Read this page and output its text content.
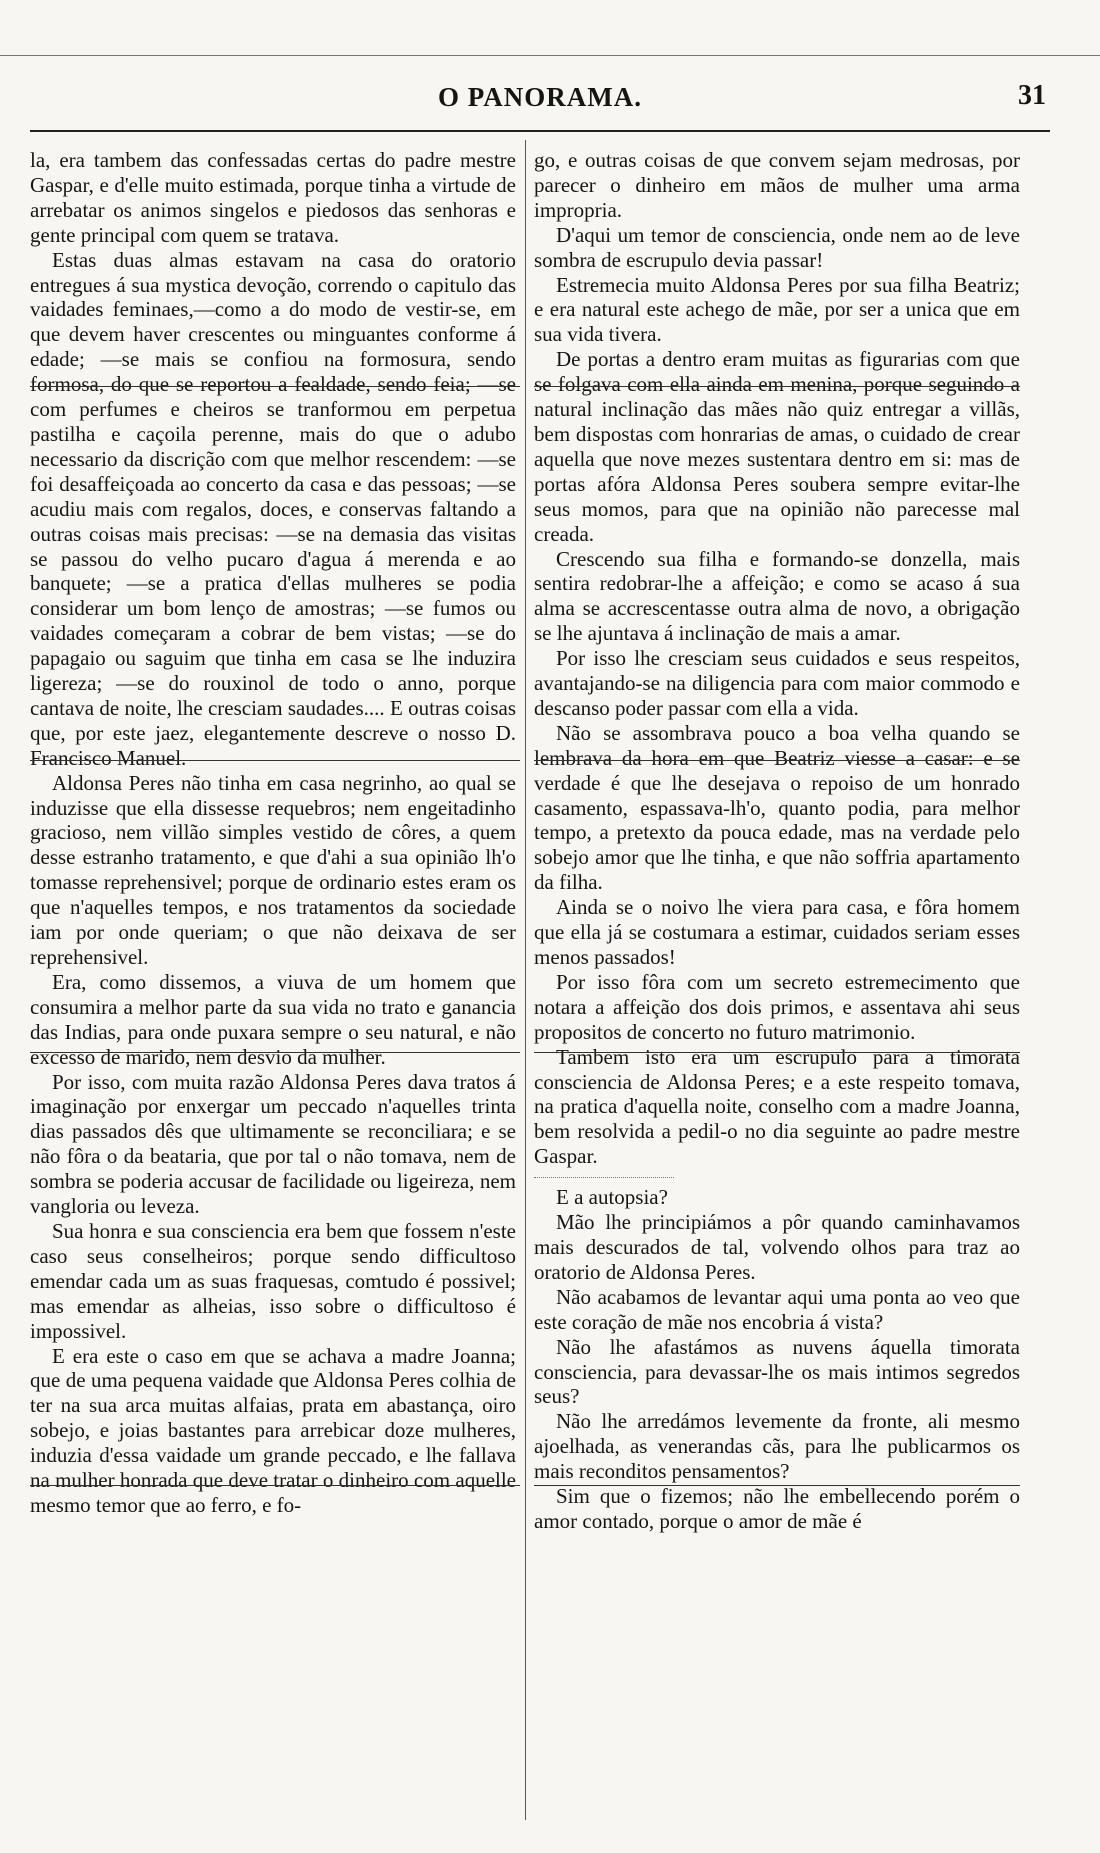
O PANORAMA.	31

la, era tambem das confessadas certas do padre mestre Gaspar, e d'elle muito estimada, porque tinha a virtude de arrebatar os animos singelos e piedosos das senhoras e gente principal com quem se tratava.

Estas duas almas estavam na casa do oratorio entregues á sua mystica devoção, correndo o capitulo das vaidades feminaes,—como a do modo de vestir-se, em que devem haver crescentes ou minguantes conforme á edade; —se mais se confiou na formosura, sendo formosa, do que se reportou a fealdade, sendo feia; —se com perfumes e cheiros se tranformou em perpetua pastilha e caçoila perenne, mais do que o adubo necessario da discrição com que melhor rescendem: —se foi desaffeiçoada ao concerto da casa e das pessoas; —se acudiu mais com regalos, doces, e conservas faltando a outras coisas mais precisas: —se na demasia das visitas se passou do velho pucaro d'agua á merenda e ao banquete; —se a pratica d'ellas mulheres se podia considerar um bom lenço de amostras; —se fumos ou vaidades começaram a cobrar de bem vistas; —se do papagaio ou saguim que tinha em casa se lhe induzira ligereza; —se do rouxinol de todo o anno, porque cantava de noite, lhe cresciam saudades.... E outras coisas que, por este jaez, elegantemente descreve o nosso D. Francisco Manuel.

Aldonsa Peres não tinha em casa negrinho, ao qual se induzisse que ella dissesse requebros; nem engeitadinho gracioso, nem villão simples vestido de côres, a quem desse estranho tratamento, e que d'ahi a sua opinião lh'o tomasse reprehensivel; porque de ordinario estes eram os que n'aquelles tempos, e nos tratamentos da sociedade iam por onde queriam; o que não deixava de ser reprehensivel.

Era, como dissemos, a viuva de um homem que consumira a melhor parte da sua vida no trato e ganancia das Indias, para onde puxara sempre o seu natural, e não excesso de marido, nem desvio da mulher.

Por isso, com muita razão Aldonsa Peres dava tratos á imaginação por enxergar um peccado n'aquelles trinta dias passados dês que ultimamente se reconciliara; e se não fôra o da beataria, que por tal o não tomava, nem de sombra se poderia accusar de facilidade ou ligeireza, nem vangloria ou leveza.

Sua honra e sua consciencia era bem que fossem n'este caso seus conselheiros; porque sendo difficultoso emendar cada um as suas fraquesas, comtudo é possivel; mas emendar as alheias, isso sobre o difficultoso é impossivel.

E era este o caso em que se achava a madre Joanna; que de uma pequena vaidade que Aldonsa Peres colhia de ter na sua arca muitas alfaias, prata em abastança, oiro sobejo, e joias bastantes para arrebicar doze mulheres, induzia d'essa vaidade um grande peccado, e lhe fallava na mulher honrada que deve tratar o dinheiro com aquelle mesmo temor que ao ferro, e fo-

go, e outras coisas de que convem sejam medrosas, por parecer o dinheiro em mãos de mulher uma arma impropria.

D'aqui um temor de consciencia, onde nem ao de leve sombra de escrupulo devia passar!

Estremecia muito Aldonsa Peres por sua filha Beatriz; e era natural este achego de mãe, por ser a unica que em sua vida tivera.

De portas a dentro eram muitas as figurarias com que se folgava com ella ainda em menina, porque seguindo a natural inclinação das mães não quiz entregar a villãs, bem dispostas com honrarias de amas, o cuidado de crear aquella que nove mezes sustentara dentro em si: mas de portas afóra Aldonsa Peres soubera sempre evitar-lhe seus momos, para que na opinião não parecesse mal creada.

Crescendo sua filha e formando-se donzella, mais sentira redobrar-lhe a affeição; e como se acaso á sua alma se accrescentasse outra alma de novo, a obrigação se lhe ajuntava á inclinação de mais a amar.

Por isso lhe cresciam seus cuidados e seus respeitos, avantajando-se na diligencia para com maior commodo e descanso poder passar com ella a vida.

Não se assombrava pouco a boa velha quando se lembrava da hora em que Beatriz viesse a casar: e se verdade é que lhe desejava o repoiso de um honrado casamento, espassava-lh'o, quanto podia, para melhor tempo, a pretexto da pouca edade, mas na verdade pelo sobejo amor que lhe tinha, e que não soffria apartamento da filha.

Ainda se o noivo lhe viera para casa, e fôra homem que ella já se costumara a estimar, cuidados seriam esses menos passados!

Por isso fôra com um secreto estremecimento que notara a affeição dos dois primos, e assentava ahi seus propositos de concerto no futuro matrimonio.

Tambem isto era um escrupulo para a timorata consciencia de Aldonsa Peres; e a este respeito tomava, na pratica d'aquella noite, conselho com a madre Joanna, bem resolvida a pedil-o no dia seguinte ao padre mestre Gaspar.

E a autopsia?

Mão lhe principiámos a pôr quando caminhavamos mais descurados de tal, volvendo olhos para traz ao oratorio de Aldonsa Peres.

Não acabamos de levantar aqui uma ponta ao veo que este coração de mãe nos encobria á vista?

Não lhe afastámos as nuvens áquella timorata consciencia, para devassar-lhe os mais intimos segredos seus?

Não lhe arredámos levemente da fronte, ali mesmo ajoelhada, as venerandas cãs, para lhe publicarmos os mais reconditos pensamentos?

Sim que o fizemos; não lhe embellecendo porém o amor contado, porque o amor de mãe é
